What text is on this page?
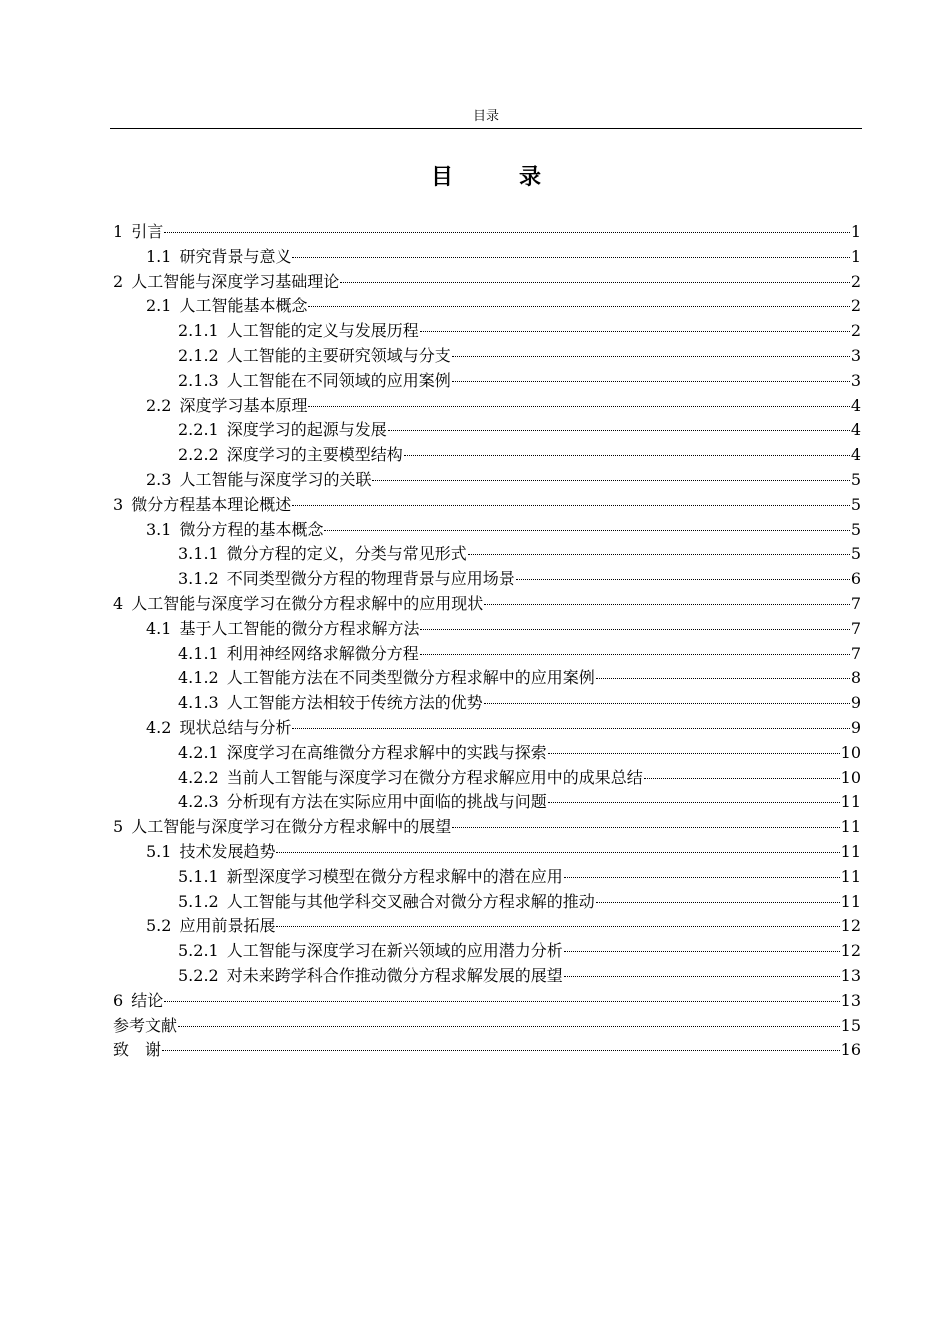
目录
目　录
1 引言	1
1.1 研究背景与意义	1
2 人工智能与深度学习基础理论	2
2.1 人工智能基本概念	2
2.1.1 人工智能的定义与发展历程	2
2.1.2 人工智能的主要研究领域与分支	3
2.1.3 人工智能在不同领域的应用案例	3
2.2 深度学习基本原理	4
2.2.1 深度学习的起源与发展	4
2.2.2 深度学习的主要模型结构	4
2.3 人工智能与深度学习的关联	5
3 微分方程基本理论概述	5
3.1 微分方程的基本概念	5
3.1.1 微分方程的定义，分类与常见形式	5
3.1.2 不同类型微分方程的物理背景与应用场景	6
4 人工智能与深度学习在微分方程求解中的应用现状	7
4.1 基于人工智能的微分方程求解方法	7
4.1.1 利用神经网络求解微分方程	7
4.1.2 人工智能方法在不同类型微分方程求解中的应用案例	8
4.1.3 人工智能方法相较于传统方法的优势	9
4.2 现状总结与分析	9
4.2.1 深度学习在高维微分方程求解中的实践与探索	10
4.2.2 当前人工智能与深度学习在微分方程求解应用中的成果总结	10
4.2.3 分析现有方法在实际应用中面临的挑战与问题	11
5 人工智能与深度学习在微分方程求解中的展望	11
5.1 技术发展趋势	11
5.1.1 新型深度学习模型在微分方程求解中的潜在应用	11
5.1.2 人工智能与其他学科交叉融合对微分方程求解的推动	11
5.2 应用前景拓展	12
5.2.1 人工智能与深度学习在新兴领域的应用潜力分析	12
5.2.2 对未来跨学科合作推动微分方程求解发展的展望	13
6 结论	13
参考文献	15
致　谢	16
